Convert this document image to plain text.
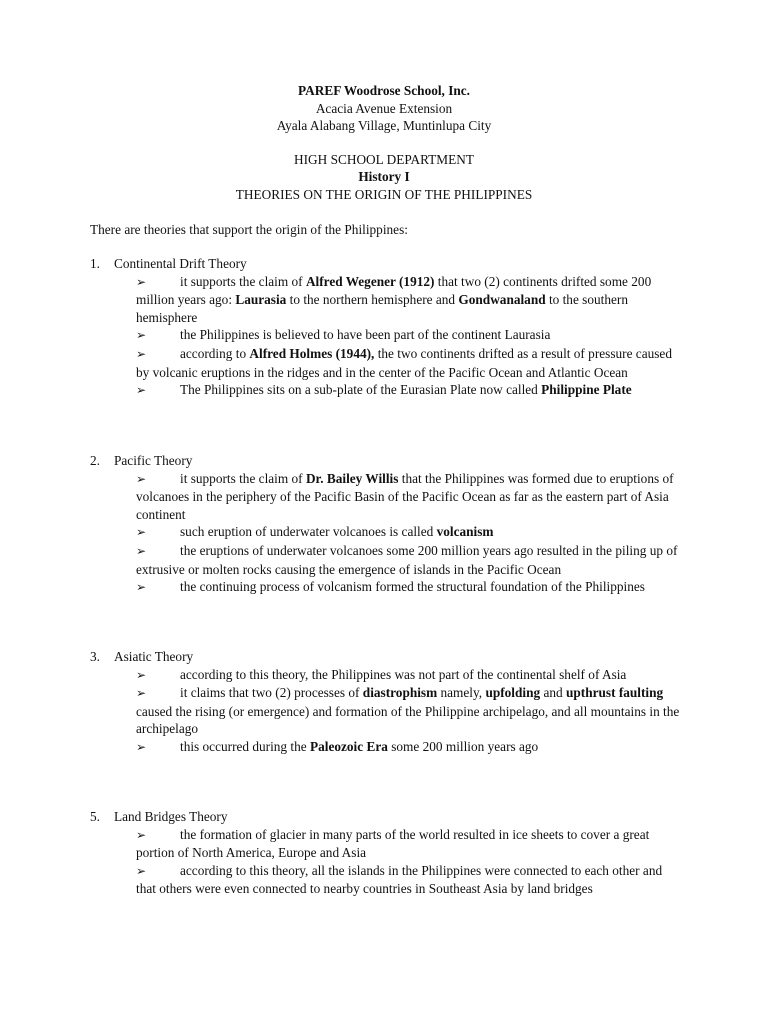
PAREF Woodrose School, Inc.
Acacia Avenue Extension
Ayala Alabang Village, Muntinlupa City
HIGH SCHOOL DEPARTMENT
History I
THEORIES ON THE ORIGIN OF THE PHILIPPINES
There are theories that support the origin of the Philippines:
1.	Continental Drift Theory
➢	it supports the claim of Alfred Wegener (1912) that two (2) continents drifted some 200 million years ago: Laurasia to the northern hemisphere and Gondwanaland to the southern hemisphere
➢	the Philippines is believed to have been part of the continent Laurasia
➢	according to Alfred Holmes (1944), the two continents drifted as a result of pressure caused by volcanic eruptions in the ridges and in the center of the Pacific Ocean and Atlantic Ocean
➢	The Philippines sits on a sub-plate of the Eurasian Plate now called Philippine Plate
2.	Pacific Theory
➢	it supports the claim of Dr. Bailey Willis that the Philippines was formed due to eruptions of volcanoes in the periphery of the Pacific Basin of the Pacific Ocean as far as the eastern part of Asia continent
➢	such eruption of underwater volcanoes is called volcanism
➢	the eruptions of underwater volcanoes some 200 million years ago resulted in the piling up of extrusive or molten rocks causing the emergence of islands in the Pacific Ocean
➢	the continuing process of volcanism formed the structural foundation of the Philippines
3.	Asiatic Theory
➢	according to this theory, the Philippines was not part of the continental shelf of Asia
➢	it claims that two (2) processes of diastrophism namely, upfolding and upthrust faulting caused the rising (or emergence) and formation of the Philippine archipelago, and all mountains in the archipelago
➢	this occurred during the Paleozoic Era some 200 million years ago
5.	Land Bridges Theory
➢	the formation of glacier in many parts of the world resulted in ice sheets to cover a great portion of North America, Europe and Asia
➢	according to this theory, all the islands in the Philippines were connected to each other and that others were even connected to nearby countries in Southeast Asia by land bridges
